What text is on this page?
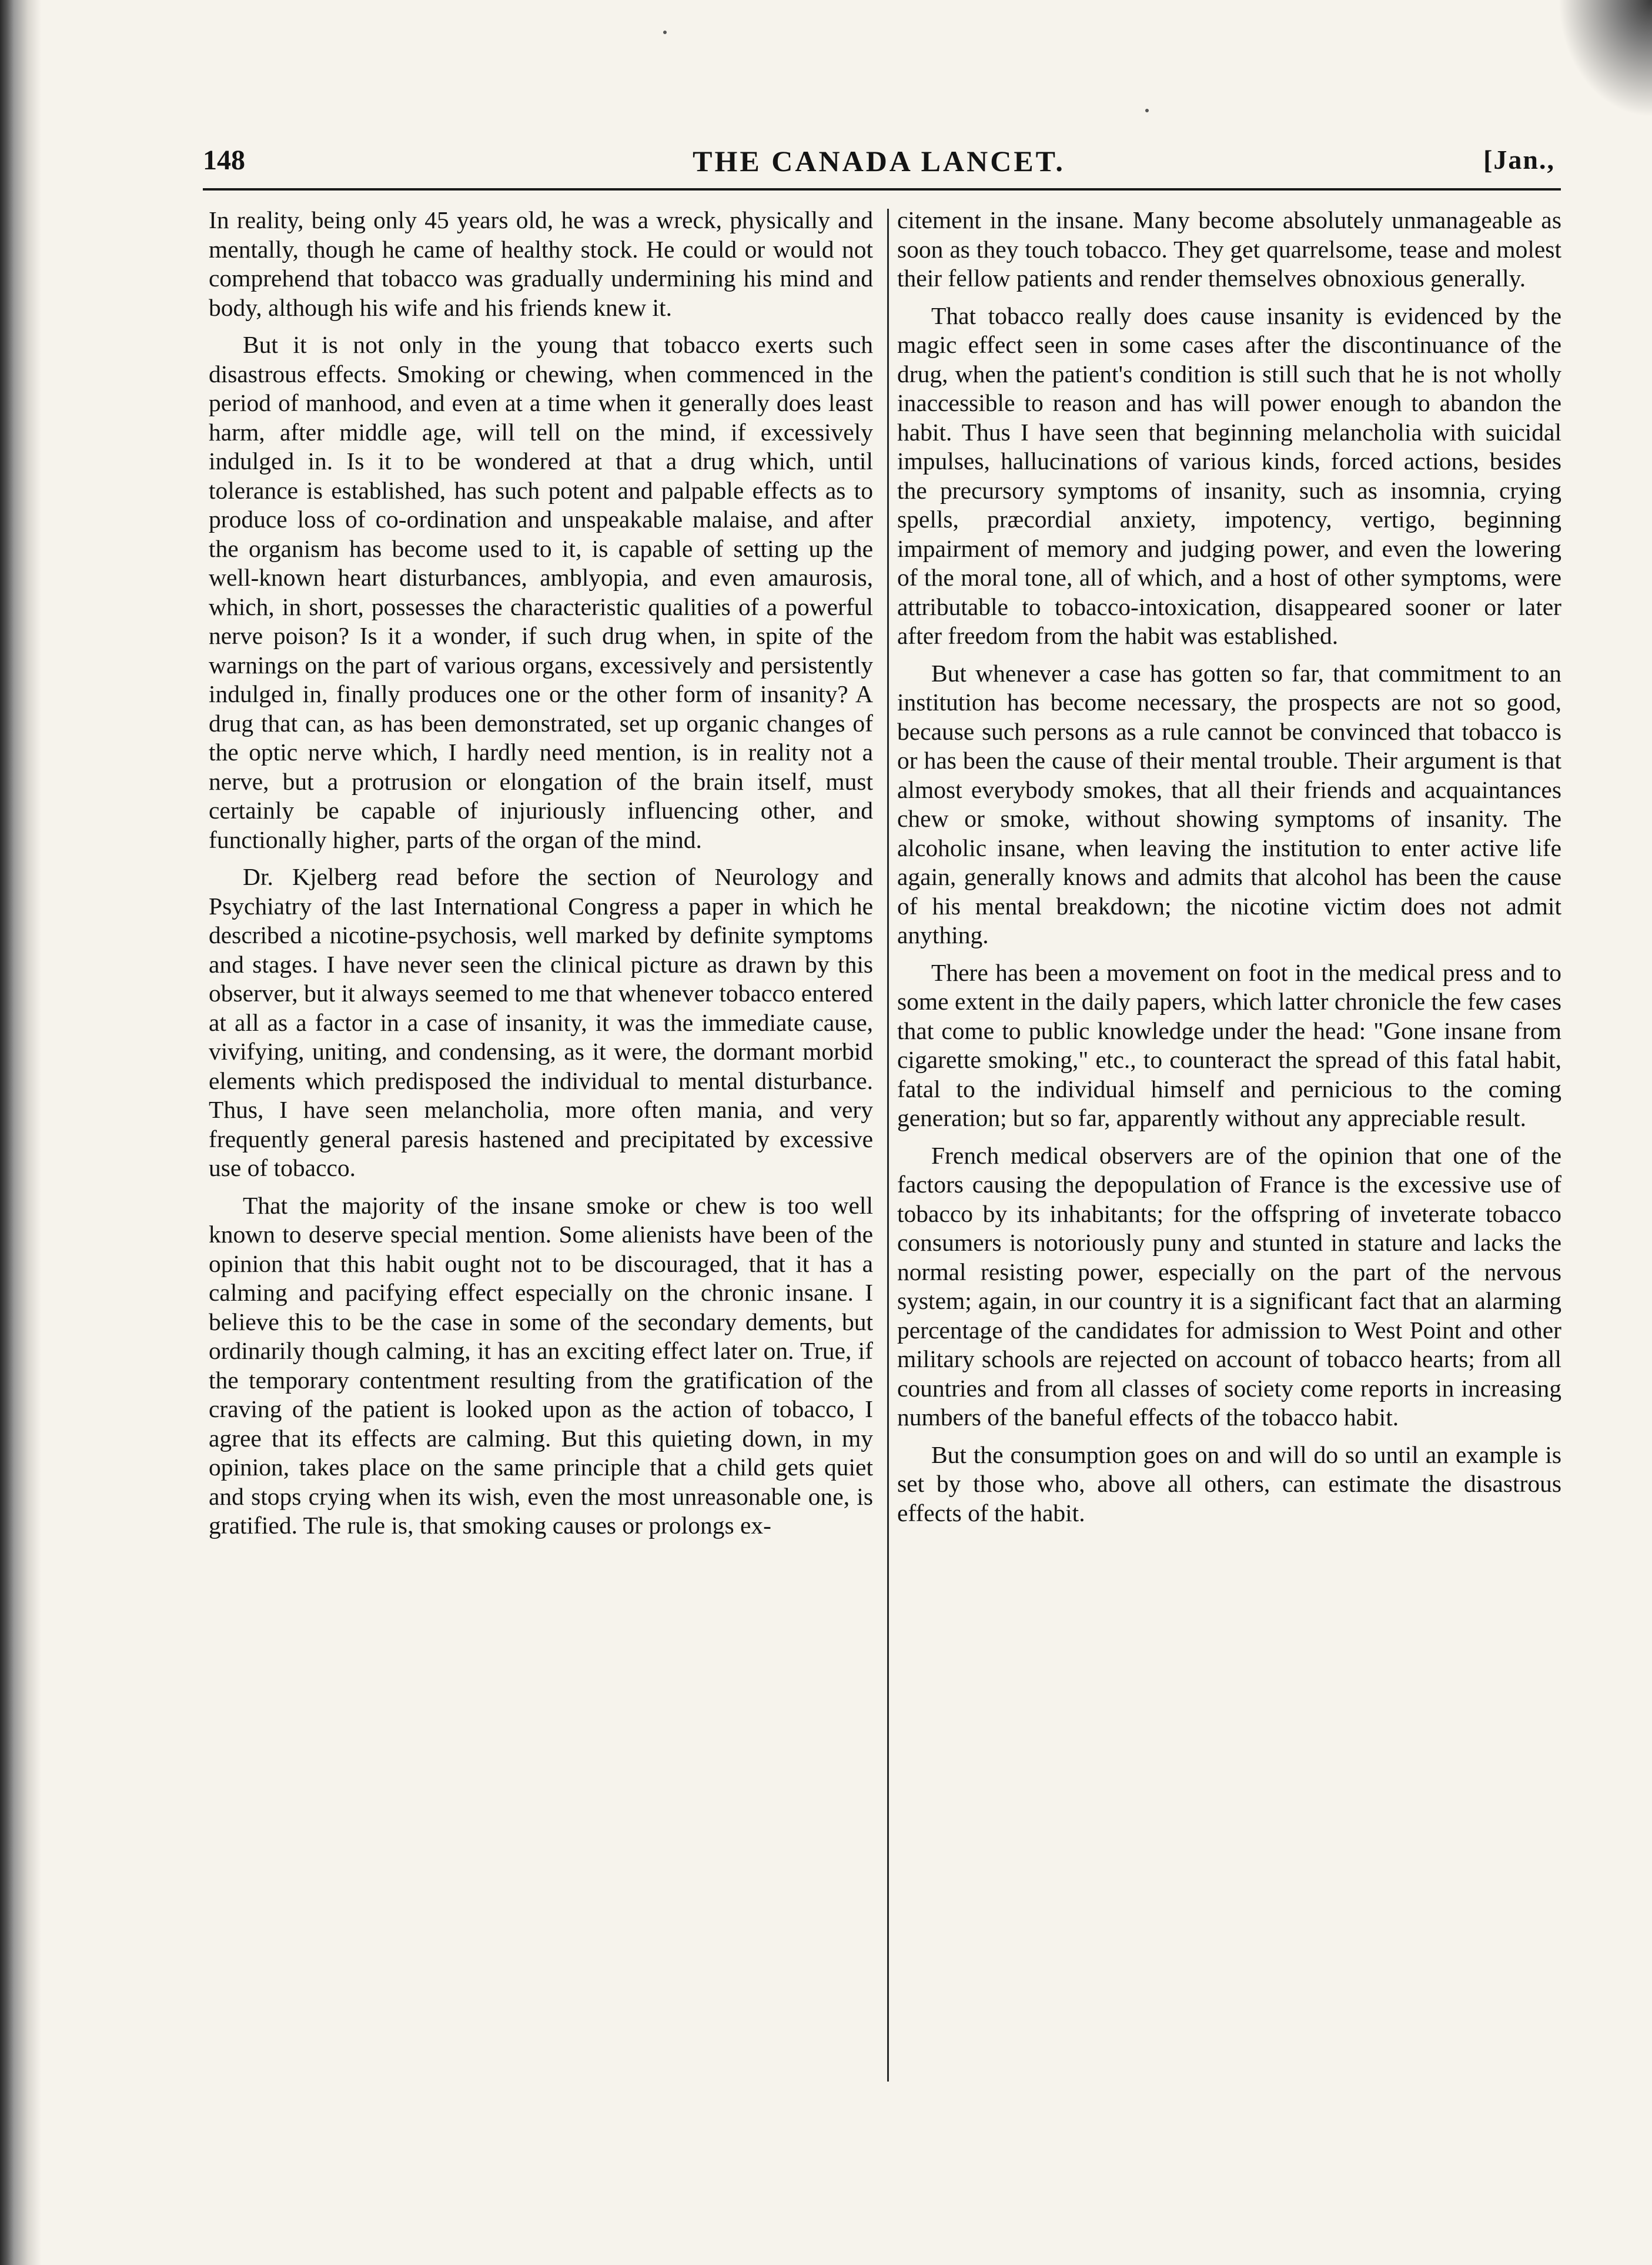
148	THE CANADA LANCET.	[Jan.,

In reality, being only 45 years old, he was a wreck, physically and mentally, though he came of healthy stock. He could or would not comprehend that tobacco was gradually undermining his mind and body, although his wife and his friends knew it.

But it is not only in the young that tobacco exerts such disastrous effects. Smoking or chewing, when commenced in the period of manhood, and even at a time when it generally does least harm, after middle age, will tell on the mind, if excessively indulged in. Is it to be wondered at that a drug which, until tolerance is established, has such potent and palpable effects as to produce loss of co-ordination and unspeakable malaise, and after the organism has become used to it, is capable of setting up the well-known heart disturbances, amblyopia, and even amaurosis, which, in short, possesses the characteristic qualities of a powerful nerve poison? Is it a wonder, if such drug when, in spite of the warnings on the part of various organs, excessively and persistently indulged in, finally produces one or the other form of insanity? A drug that can, as has been demonstrated, set up organic changes of the optic nerve which, I hardly need mention, is in reality not a nerve, but a protrusion or elongation of the brain itself, must certainly be capable of injuriously influencing other, and functionally higher, parts of the organ of the mind.

Dr. Kjelberg read before the section of Neurology and Psychiatry of the last International Congress a paper in which he described a nicotine-psychosis, well marked by definite symptoms and stages. I have never seen the clinical picture as drawn by this observer, but it always seemed to me that whenever tobacco entered at all as a factor in a case of insanity, it was the immediate cause, vivifying, uniting, and condensing, as it were, the dormant morbid elements which predisposed the individual to mental disturbance. Thus, I have seen melancholia, more often mania, and very frequently general paresis hastened and precipitated by excessive use of tobacco.

That the majority of the insane smoke or chew is too well known to deserve special mention. Some alienists have been of the opinion that this habit ought not to be discouraged, that it has a calming and pacifying effect especially on the chronic insane. I believe this to be the case in some of the secondary dements, but ordinarily though calming, it has an exciting effect later on. True, if the temporary contentment resulting from the gratification of the craving of the patient is looked upon as the action of tobacco, I agree that its effects are calming. But this quieting down, in my opinion, takes place on the same principle that a child gets quiet and stops crying when its wish, even the most unreasonable one, is gratified. The rule is, that smoking causes or prolongs ex-

citement in the insane. Many become absolutely unmanageable as soon as they touch tobacco. They get quarrelsome, tease and molest their fellow patients and render themselves obnoxious generally.

That tobacco really does cause insanity is evidenced by the magic effect seen in some cases after the discontinuance of the drug, when the patient's condition is still such that he is not wholly inaccessible to reason and has will power enough to abandon the habit. Thus I have seen that beginning melancholia with suicidal impulses, hallucinations of various kinds, forced actions, besides the precursory symptoms of insanity, such as insomnia, crying spells, præcordial anxiety, impotency, vertigo, beginning impairment of memory and judging power, and even the lowering of the moral tone, all of which, and a host of other symptoms, were attributable to tobacco-intoxication, disappeared sooner or later after freedom from the habit was established.

But whenever a case has gotten so far, that commitment to an institution has become necessary, the prospects are not so good, because such persons as a rule cannot be convinced that tobacco is or has been the cause of their mental trouble. Their argument is that almost everybody smokes, that all their friends and acquaintances chew or smoke, without showing symptoms of insanity. The alcoholic insane, when leaving the institution to enter active life again, generally knows and admits that alcohol has been the cause of his mental breakdown; the nicotine victim does not admit anything.

There has been a movement on foot in the medical press and to some extent in the daily papers, which latter chronicle the few cases that come to public knowledge under the head: "Gone insane from cigarette smoking," etc., to counteract the spread of this fatal habit, fatal to the individual himself and pernicious to the coming generation; but so far, apparently without any appreciable result.

French medical observers are of the opinion that one of the factors causing the depopulation of France is the excessive use of tobacco by its inhabitants; for the offspring of inveterate tobacco consumers is notoriously puny and stunted in stature and lacks the normal resisting power, especially on the part of the nervous system; again, in our country it is a significant fact that an alarming percentage of the candidates for admission to West Point and other military schools are rejected on account of tobacco hearts; from all countries and from all classes of society come reports in increasing numbers of the baneful effects of the tobacco habit.

But the consumption goes on and will do so until an example is set by those who, above all others, can estimate the disastrous effects of the habit.
